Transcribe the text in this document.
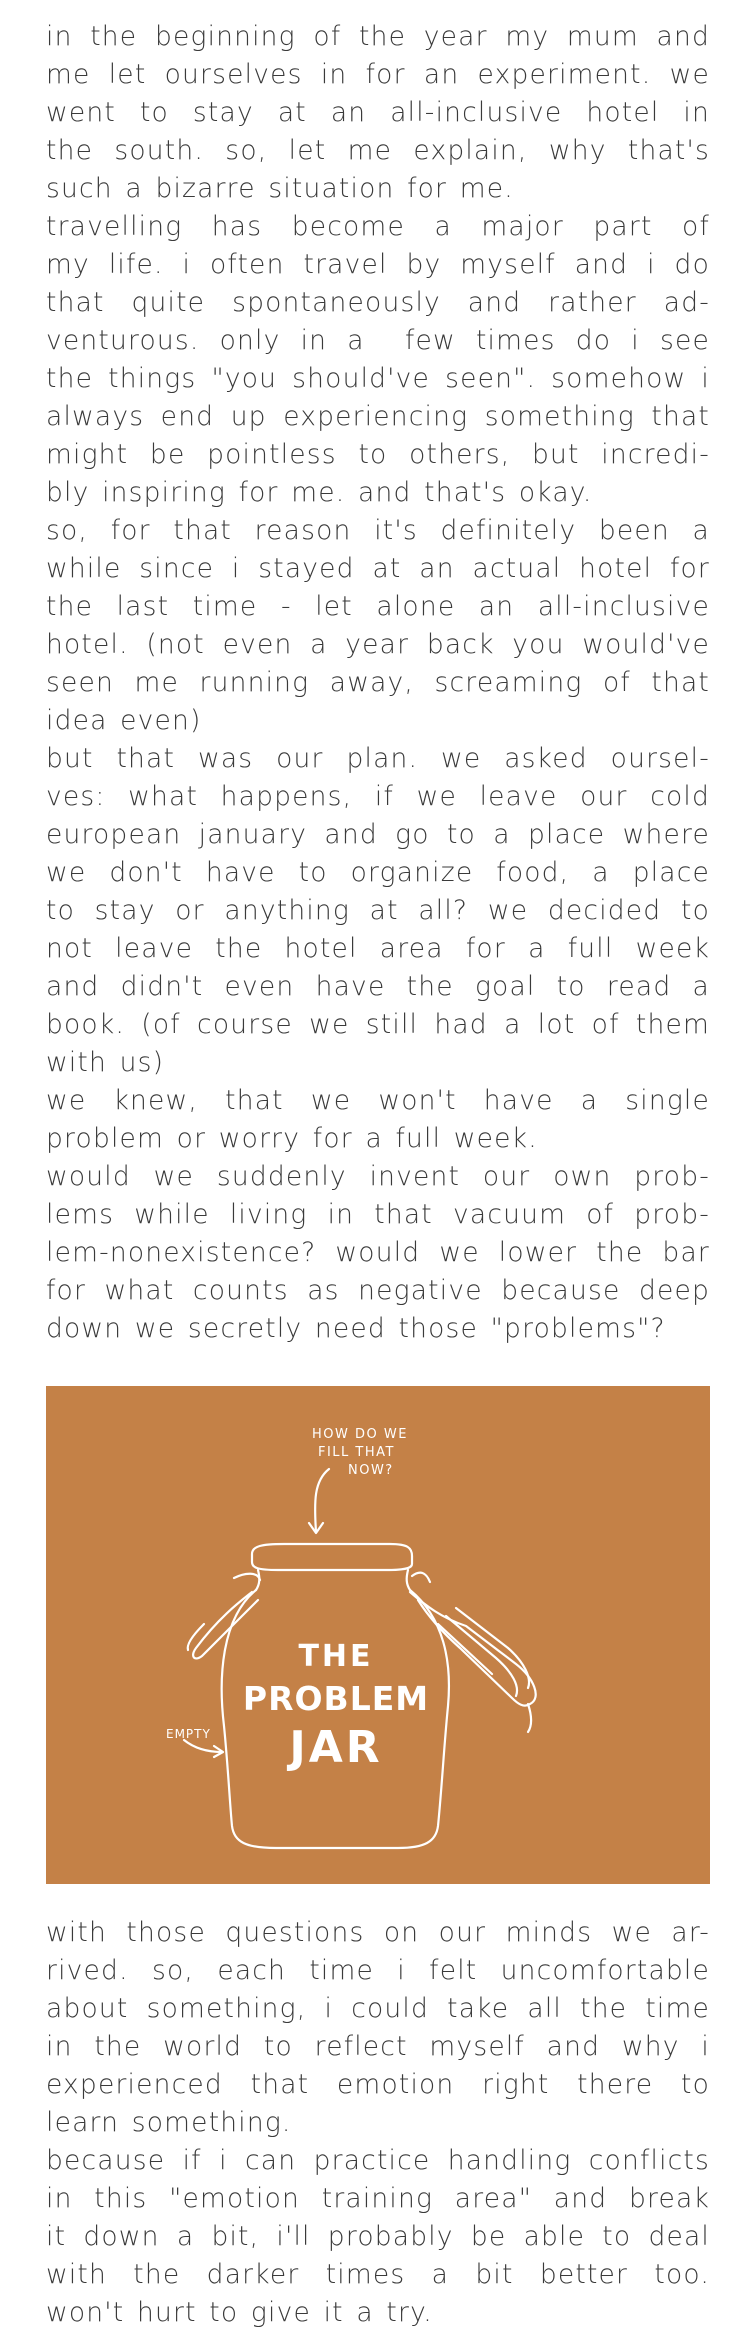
in the beginning of the year my mum and
me let ourselves in for an experiment. we
went to stay at an all-inclusive hotel in
the south. so, let me explain, why that's
such a bizarre situation for me.
travelling has become a major part of
my life. i often travel by myself and i do
that quite spontaneously and rather ad-
venturous. only in a  few times do i see
the things "you should've seen". somehow i
always end up experiencing something that
might be pointless to others, but incredi-
bly inspiring for me. and that's okay.
so, for that reason it's definitely been a
while since i stayed at an actual hotel for
the last time - let alone an all-inclusive
hotel. (not even a year back you would've
seen me running away, screaming of that
idea even)
but that was our plan. we asked oursel-
ves: what happens, if we leave our cold
european january and go to a place where
we don't have to organize food, a place
to stay or anything at all? we decided to
not leave the hotel area for a full week
and didn't even have the goal to read a
book. (of course we still had a lot of them
with us)
we knew, that we won't have a single
problem or worry for a full week.
would we suddenly invent our own prob-
lems while living in that vacuum of prob-
lem-nonexistence? would we lower the bar
for what counts as negative because deep
down we secretly need those "problems"?
HOW DO WE
FILL THAT
NOW?
THE
PROBLEM
JAR
EMPTY
with those questions on our minds we ar-
rived. so, each time i felt uncomfortable
about something, i could take all the time
in the world to reflect myself and why i
experienced that emotion right there to
learn something.
because if i can practice handling conflicts
in this "emotion training area" and break
it down a bit, i'll probably be able to deal
with the darker times a bit better too.
won't hurt to give it a try.
